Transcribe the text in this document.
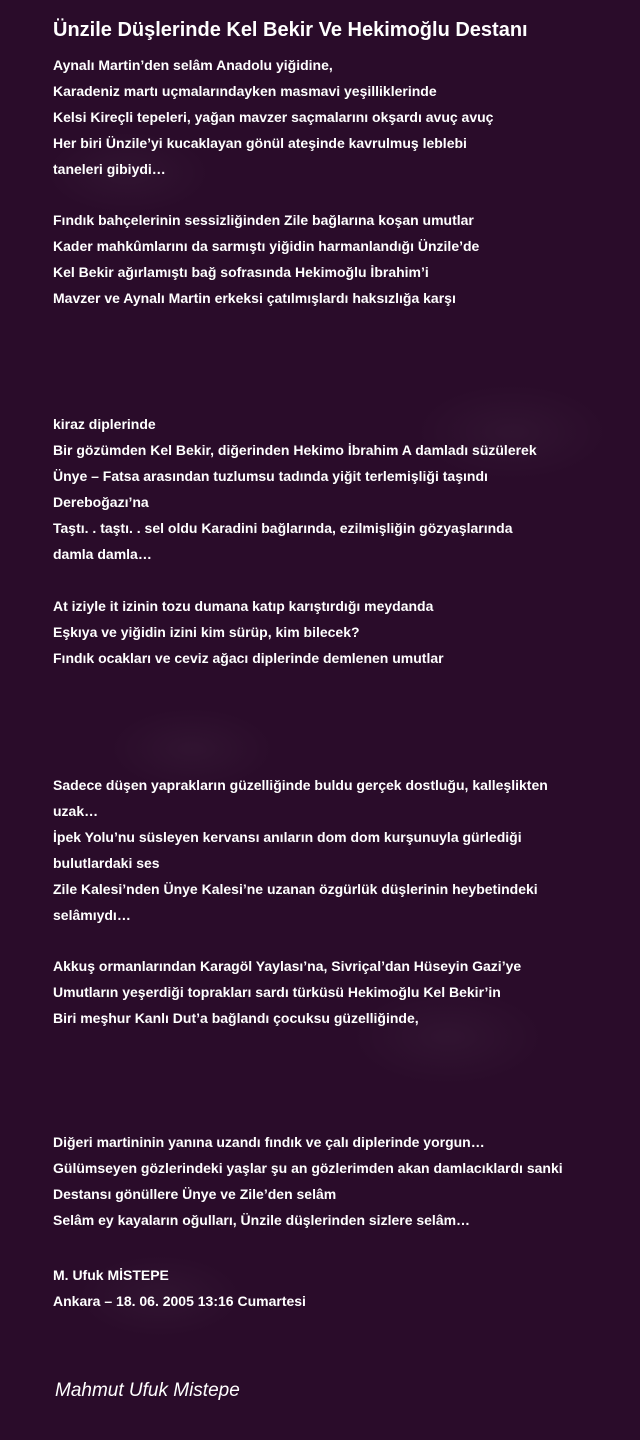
Ünzile Düşlerinde Kel Bekir Ve Hekimoğlu Destanı
Aynalı Martin’den selâm Anadolu yiğidine,
Karadeniz martı uçmalarındayken masmavi yeşilliklerinde
Kelsi Kireçli tepeleri, yağan mavzer saçmalarını okşardı avuç avuç
Her biri Ünzile’yi kucaklayan gönül ateşinde kavrulmuş leblebi
taneleri gibiydi…
Fındık bahçelerinin sessizliğinden Zile bağlarına koşan umutlar
Kader mahkûmlarını da sarmıştı yiğidin harmanlandığı Ünzile’de
Kel Bekir ağırlamıştı bağ sofrasında Hekimoğlu İbrahim’i
Mavzer ve Aynalı Martin erkeksi çatılmışlardı haksızlığa karşı
kiraz diplerinde
Bir gözümden Kel Bekir, diğerinden Hekimo İbrahim A damladı süzülerek
Ünye – Fatsa arasından tuzlumsu tadında yiğit terlemişliği taşındı
Dereboğazı’na
Taştı. . taştı. . sel oldu Karadini bağlarında, ezilmişliğin gözyaşlarında
damla damla…
At iziyle it izinin tozu dumana katıp karıştırdığı meydanda
Eşkıya ve yiğidin izini kim sürüp, kim bilecek?
Fındık ocakları ve ceviz ağacı diplerinde demlenen umutlar
Sadece düşen yaprakların güzelliğinde buldu gerçek dostluğu, kalleşlikten
uzak…
İpek Yolu’nu süsleyen kervansı anıların dom dom kurşunuyla gürlediği
bulutlardaki ses
Zile Kalesi’nden Ünye Kalesi’ne uzanan özgürlük düşlerinin heybetindeki
selâmıydı…
Akkuş ormanlarından Karagöl Yaylası’na, Sivriçal’dan Hüseyin Gazi’ye
Umutların yeşerdiği toprakları sardı türküsü Hekimoğlu Kel Bekir’in
Biri meşhur Kanlı Dut’a bağlandı çocuksu güzelliğinde,
Diğeri martininin yanına uzandı fındık ve çalı diplerinde yorgun…
Gülümseyen gözlerindeki yaşlar şu an gözlerimden akan damlacıklardı sanki
Destansı gönüllere Ünye ve Zile’den selâm
Selâm ey kayaların oğulları, Ünzile düşlerinden sizlere selâm…
M. Ufuk MİSTEPE
Ankara – 18. 06. 2005 13:16 Cumartesi
Mahmut Ufuk Mistepe
